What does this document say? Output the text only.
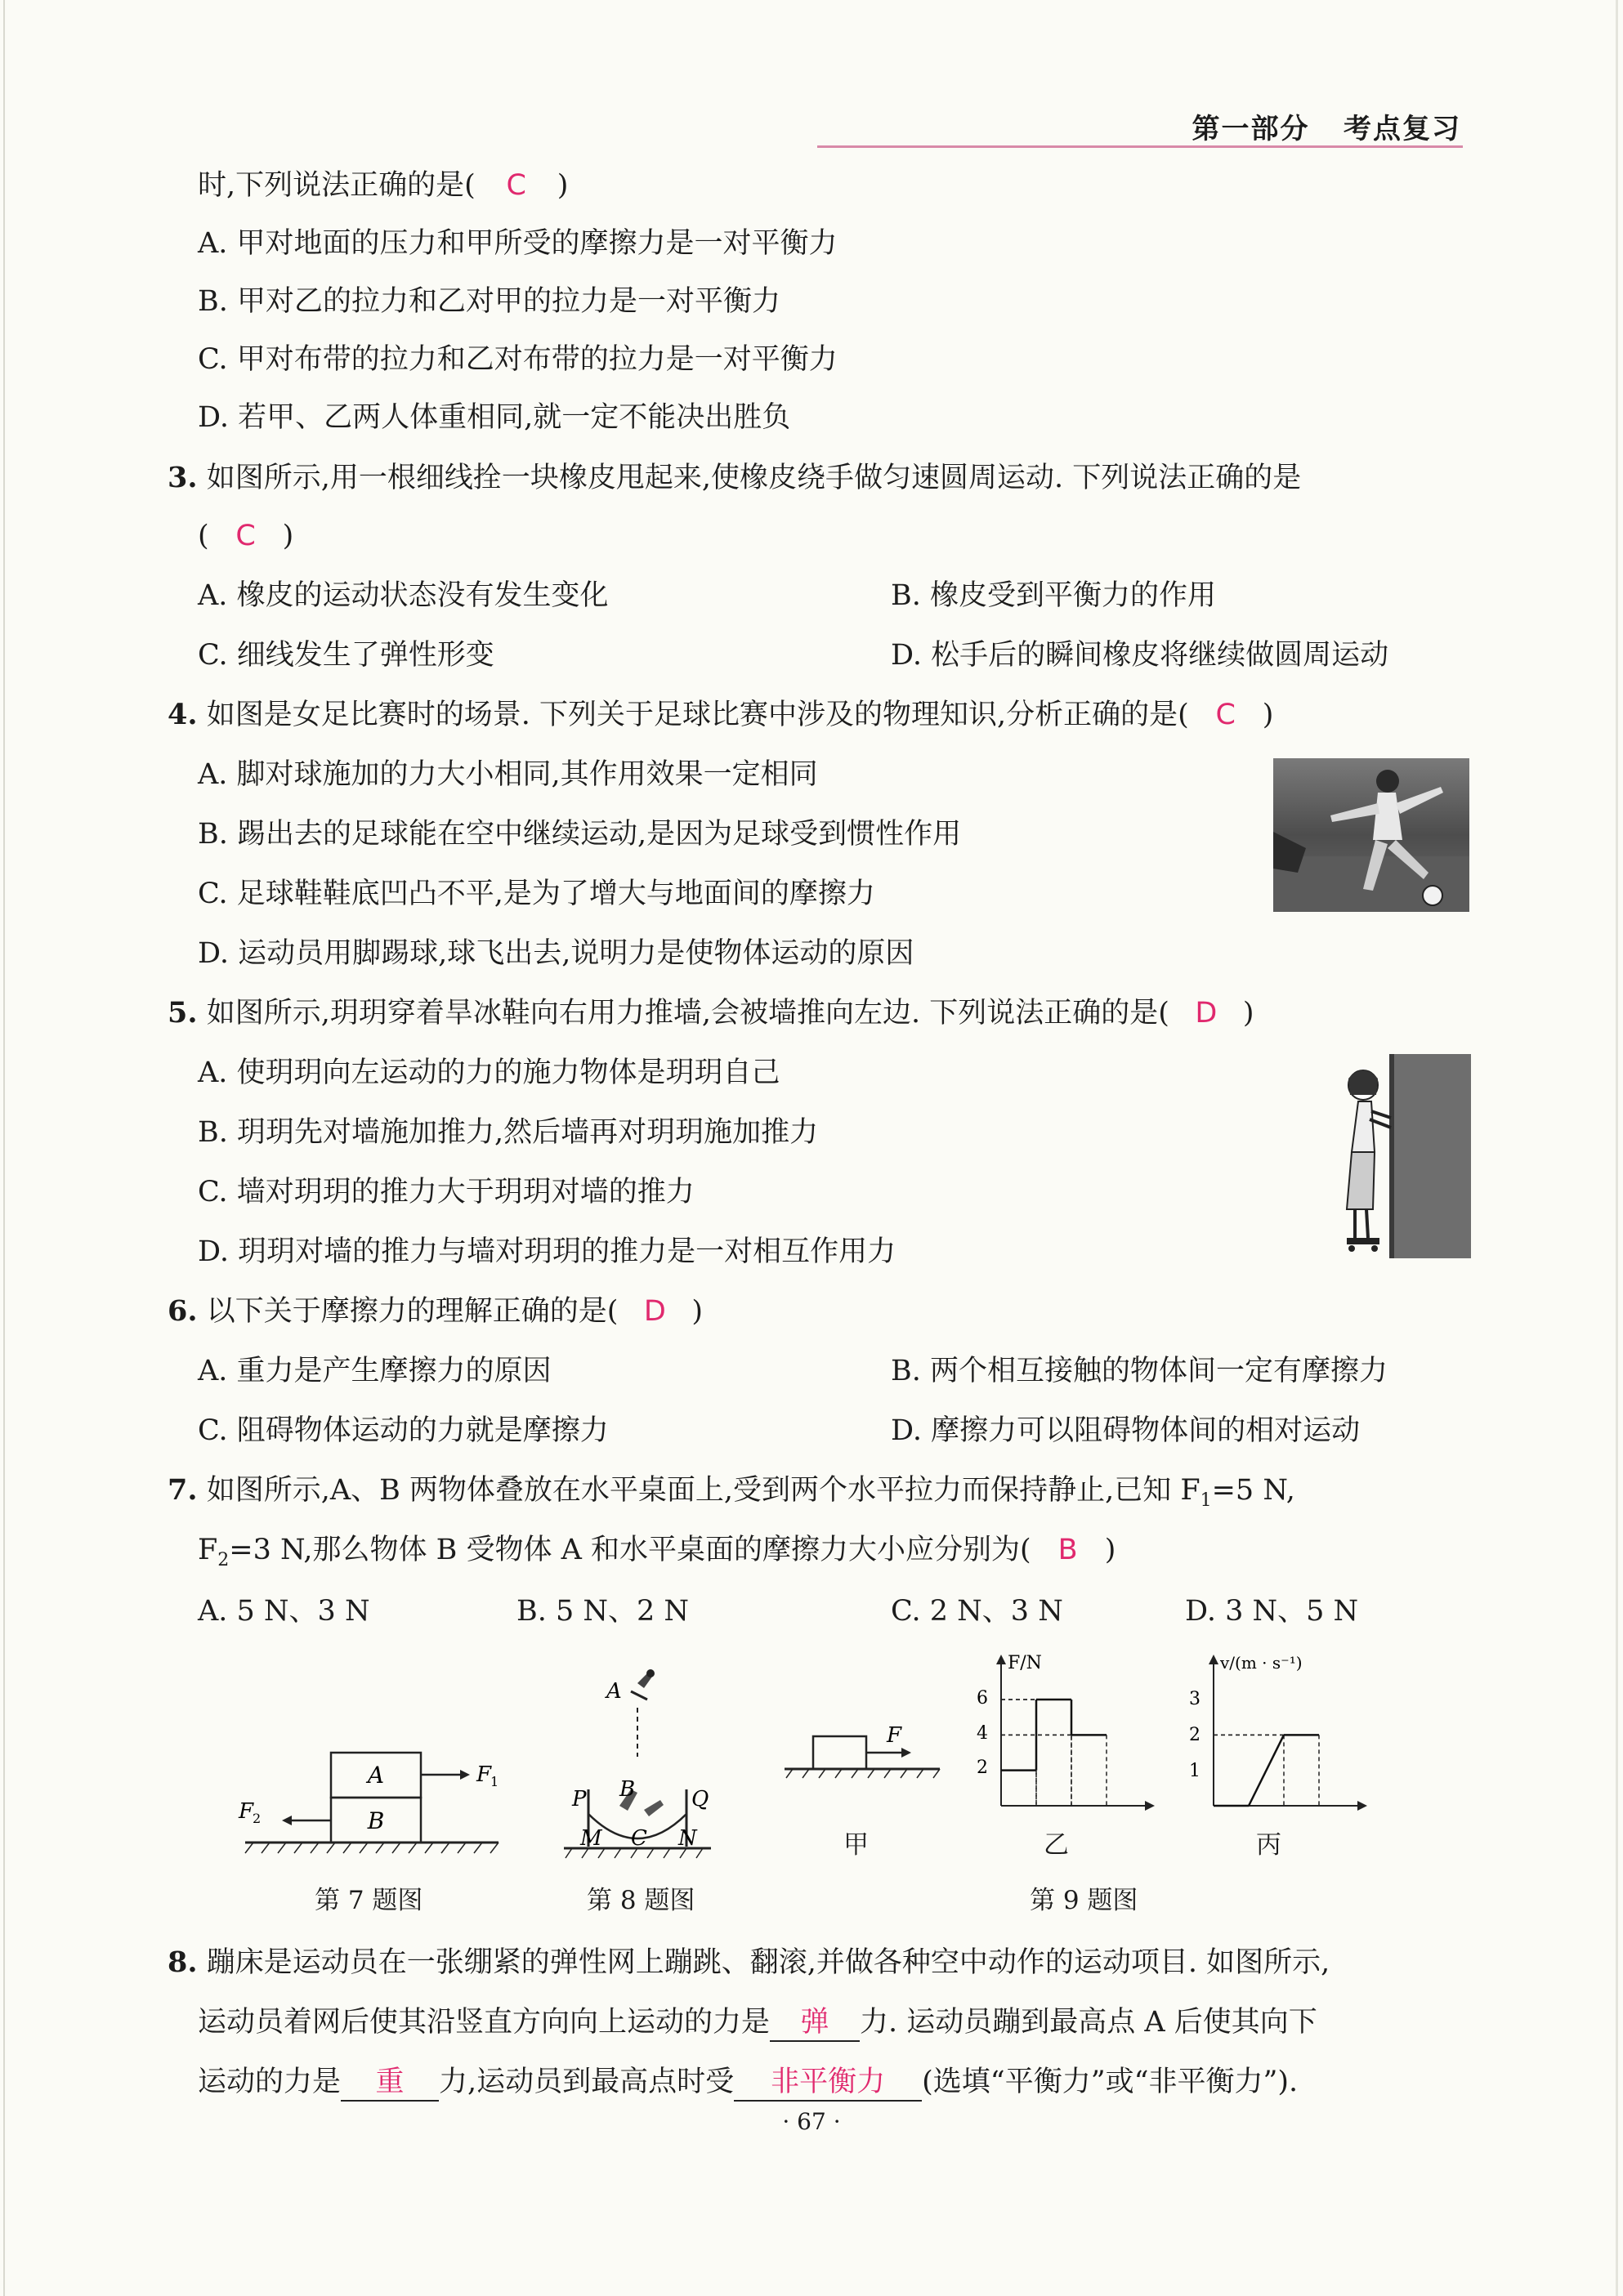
第一部分 考点复习
时,下列说法正确的是( C )
A. 甲对地面的压力和甲所受的摩擦力是一对平衡力
B. 甲对乙的拉力和乙对甲的拉力是一对平衡力
C. 甲对布带的拉力和乙对布带的拉力是一对平衡力
D. 若甲、乙两人体重相同,就一定不能决出胜负
3. 如图所示,用一根细线拴一块橡皮甩起来,使橡皮绕手做匀速圆周运动. 下列说法正确的是
( C )
A. 橡皮的运动状态没有发生变化	B. 橡皮受到平衡力的作用
C. 细线发生了弹性形变	D. 松手后的瞬间橡皮将继续做圆周运动
4. 如图是女足比赛时的场景. 下列关于足球比赛中涉及的物理知识,分析正确的是( C )
A. 脚对球施加的力大小相同,其作用效果一定相同
B. 踢出去的足球能在空中继续运动,是因为足球受到惯性作用
C. 足球鞋鞋底凹凸不平,是为了增大与地面间的摩擦力
D. 运动员用脚踢球,球飞出去,说明力是使物体运动的原因
5. 如图所示,玥玥穿着旱冰鞋向右用力推墙,会被墙推向左边. 下列说法正确的是( D )
A. 使玥玥向左运动的力的施力物体是玥玥自己
B. 玥玥先对墙施加推力,然后墙再对玥玥施加推力
C. 墙对玥玥的推力大于玥玥对墙的推力
D. 玥玥对墙的推力与墙对玥玥的推力是一对相互作用力
6. 以下关于摩擦力的理解正确的是( D )
A. 重力是产生摩擦力的原因	B. 两个相互接触的物体间一定有摩擦力
C. 阻碍物体运动的力就是摩擦力	D. 摩擦力可以阻碍物体间的相对运动
7. 如图所示,A、B 两物体叠放在水平桌面上,受到两个水平拉力而保持静止,已知 $F_1=5$ N,
$F_2=3$ N,那么物体 B 受物体 A 和水平桌面的摩擦力大小应分别为( B )
A. 5 N、3 N	B. 5 N、2 N	C. 2 N、3 N	D. 3 N、5 N
A
B
F
1
F
2
第 7 题图
A
B
P	Q
M C N
第 8 题图
F
甲
F/N
2
4
6
乙
v/(m · s⁻¹)
1
2
3
丙
第 9 题图
8. 蹦床是运动员在一张绷紧的弹性网上蹦跳、翻滚,并做各种空中动作的运动项目. 如图所示,
运动员着网后使其沿竖直方向向上运动的力是 弹 力. 运动员蹦到最高点 A 后使其向下
运动的力是 重 力,运动员到最高点时受 非平衡力 (选填“平衡力”或“非平衡力”).
· 67 ·
